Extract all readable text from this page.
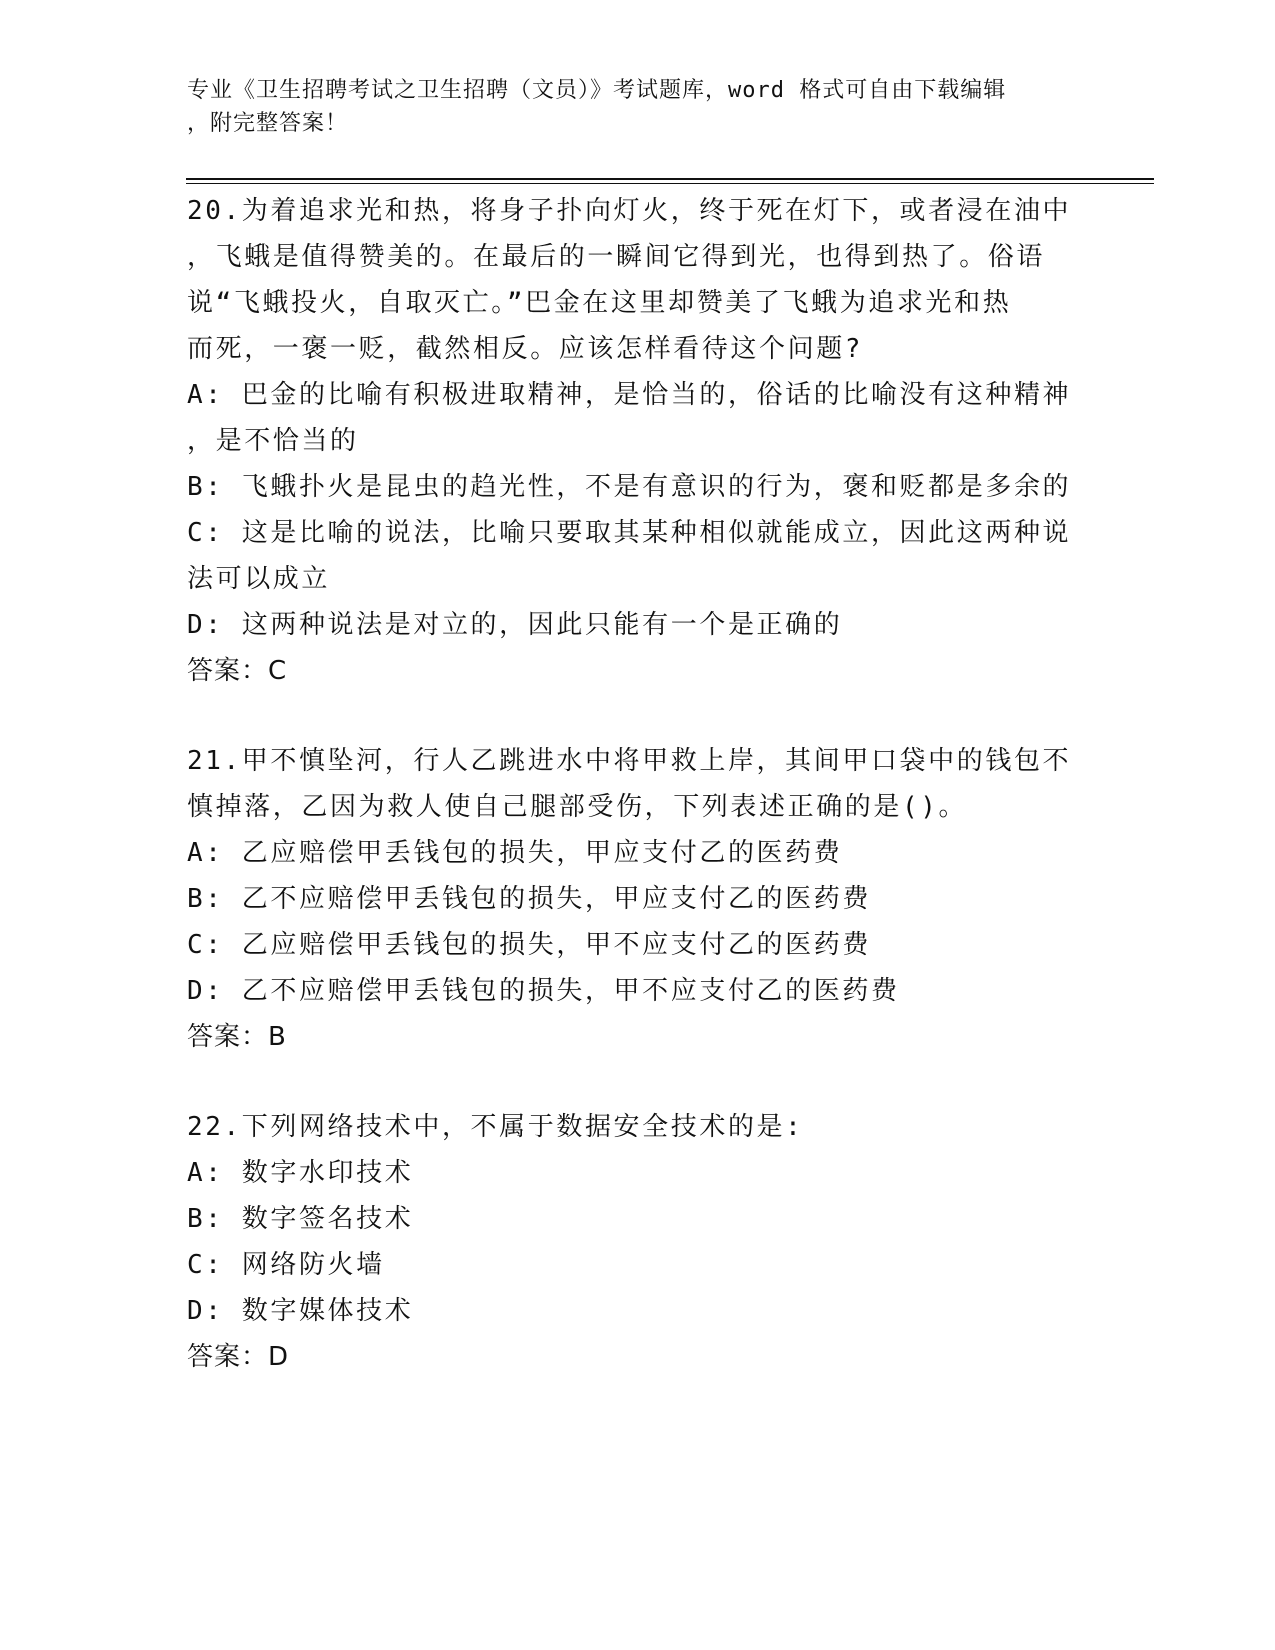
专业《卫生招聘考试之卫生招聘（文员）》考试题库，word 格式可自由下载编辑
，附完整答案！
20.为着追求光和热，将身子扑向灯火，终于死在灯下，或者浸在油中
，飞蛾是值得赞美的。在最后的一瞬间它得到光，也得到热了。俗语
说“飞蛾投火，自取灭亡。”巴金在这里却赞美了飞蛾为追求光和热
而死，一褒一贬，截然相反。应该怎样看待这个问题?
A: 巴金的比喻有积极进取精神，是恰当的，俗话的比喻没有这种精神
，是不恰当的
B: 飞蛾扑火是昆虫的趋光性，不是有意识的行为，褒和贬都是多余的
C: 这是比喻的说法，比喻只要取其某种相似就能成立，因此这两种说
法可以成立
D: 这两种说法是对立的，因此只能有一个是正确的
答案：C
21.甲不慎坠河，行人乙跳进水中将甲救上岸，其间甲口袋中的钱包不
慎掉落，乙因为救人使自己腿部受伤，下列表述正确的是()。
A: 乙应赔偿甲丢钱包的损失，甲应支付乙的医药费
B: 乙不应赔偿甲丢钱包的损失，甲应支付乙的医药费
C: 乙应赔偿甲丢钱包的损失，甲不应支付乙的医药费
D: 乙不应赔偿甲丢钱包的损失，甲不应支付乙的医药费
答案：B
22.下列网络技术中，不属于数据安全技术的是:
A: 数字水印技术
B: 数字签名技术
C: 网络防火墙
D: 数字媒体技术
答案：D
